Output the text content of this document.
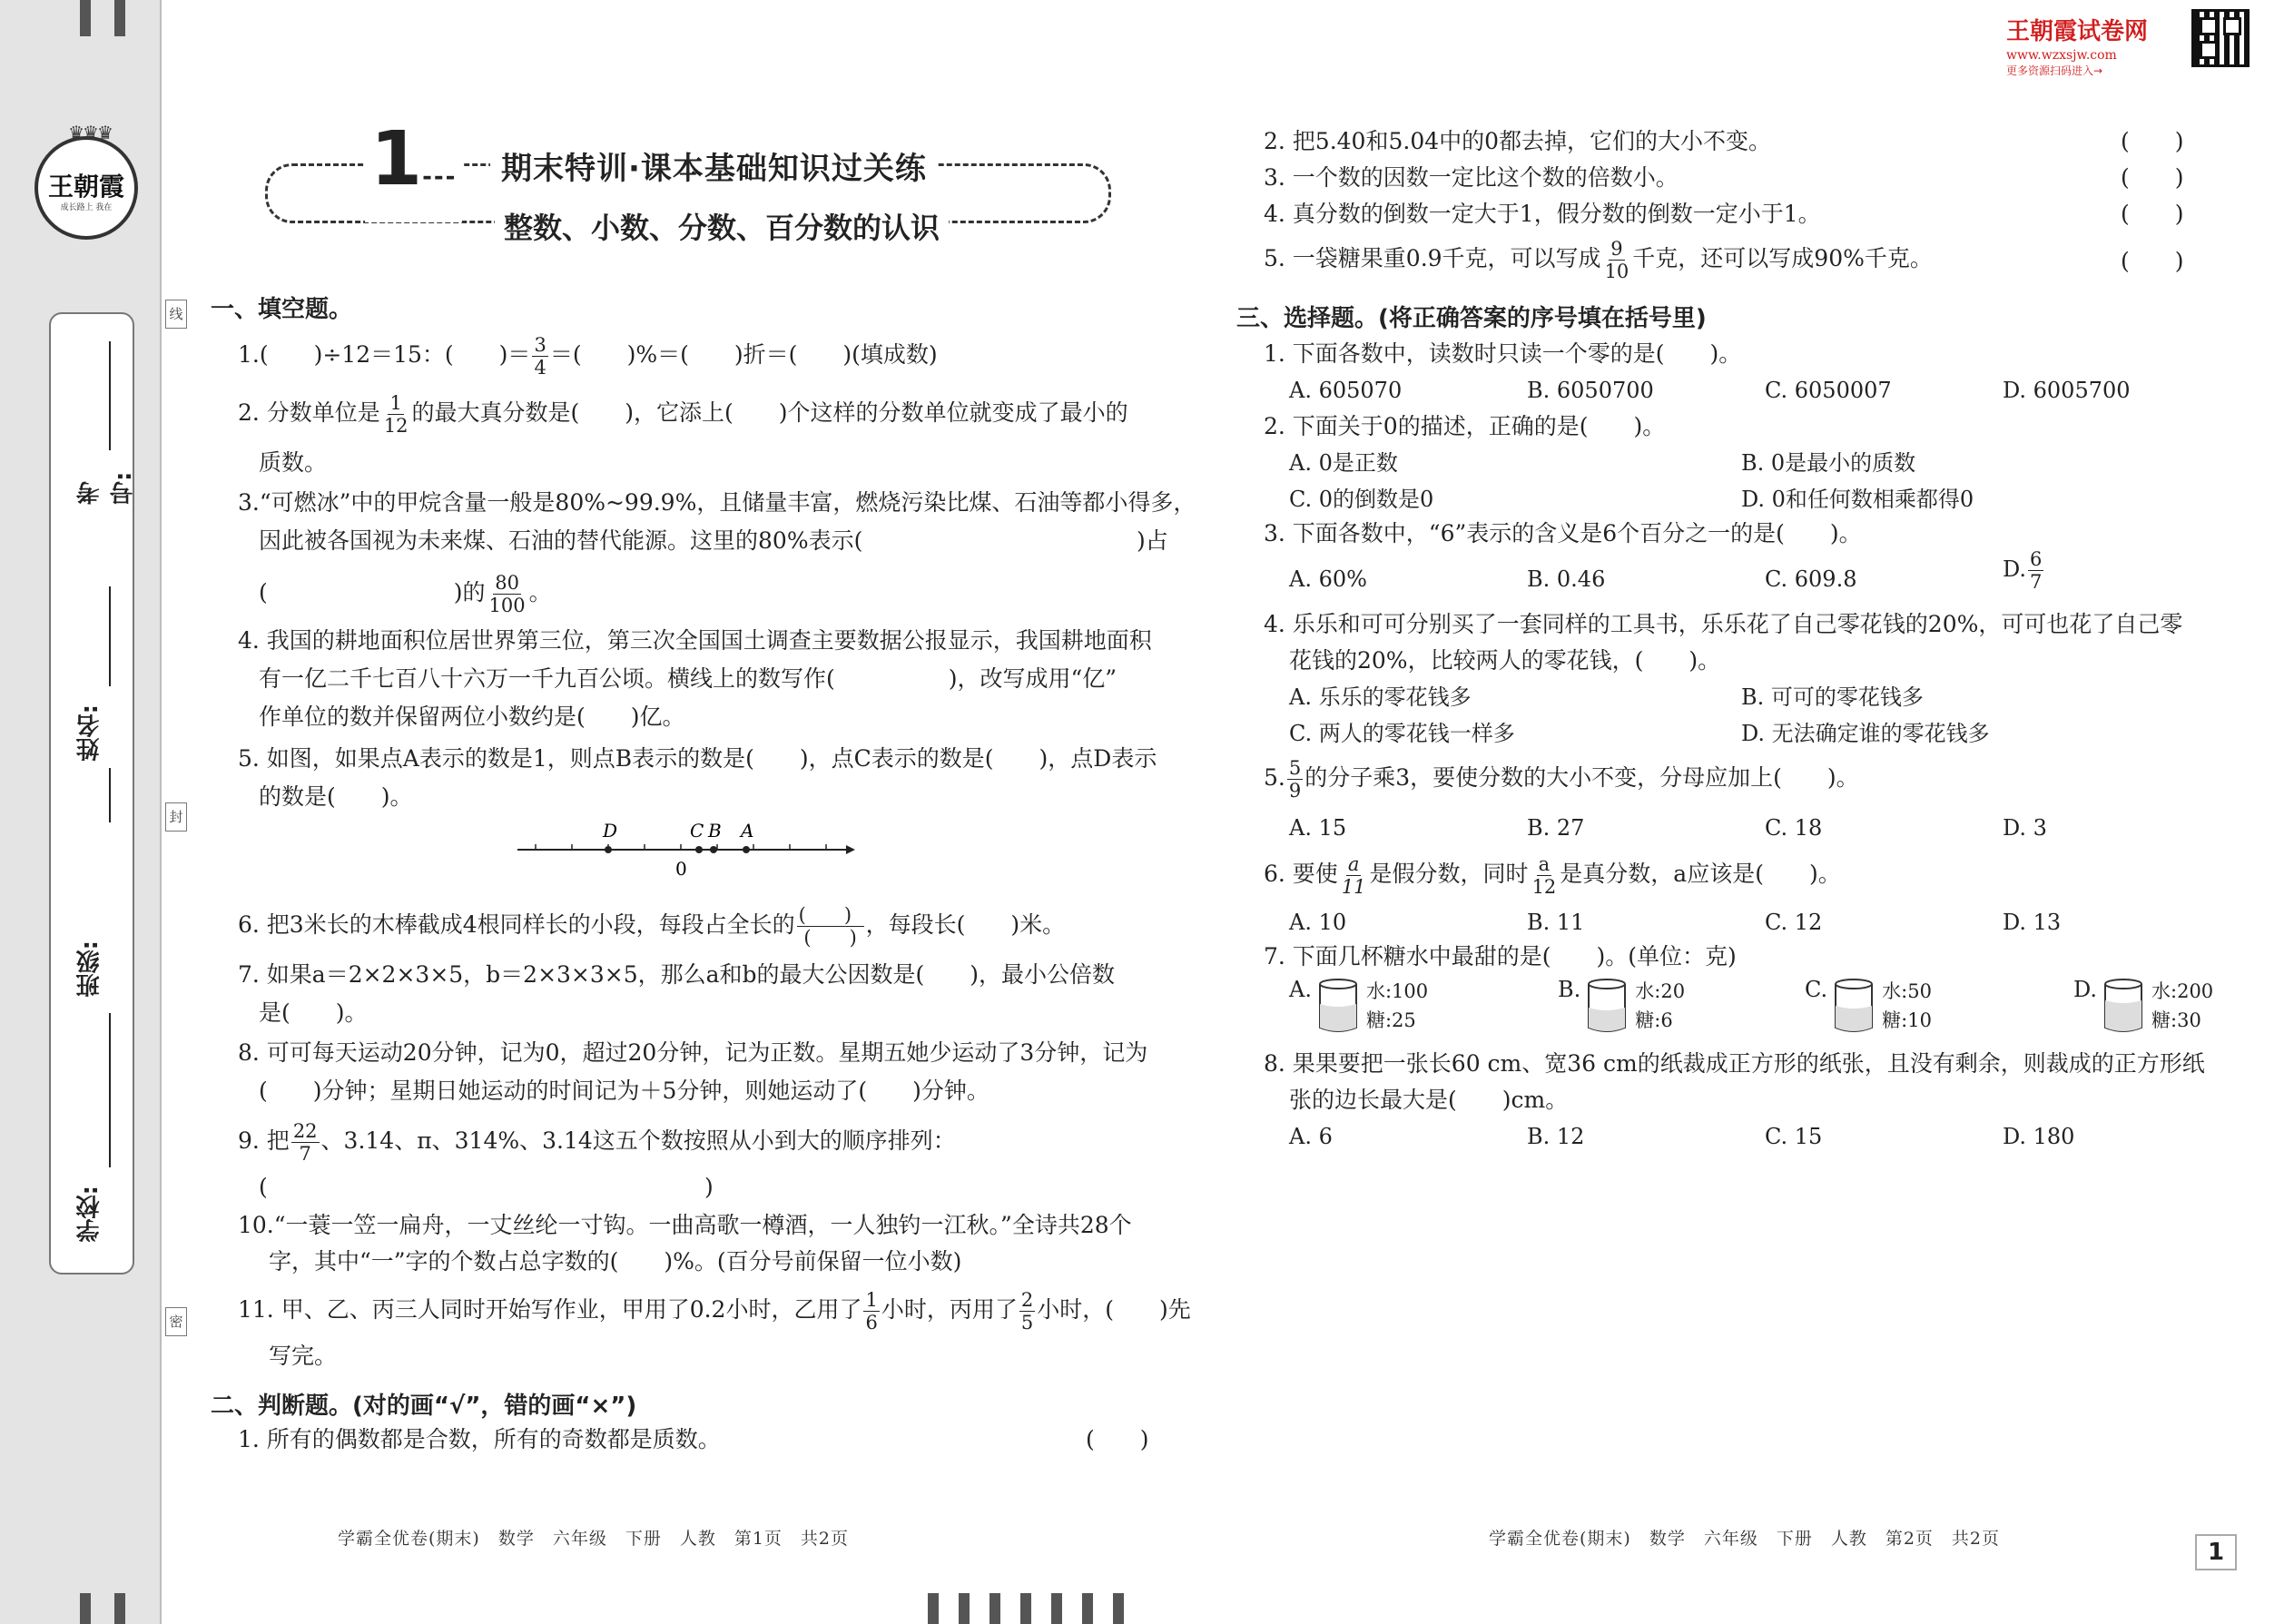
♛♛♛
王朝霞
成长路上 我在
考号:
姓名:
班级:
学校:
线
封
密
1---	期末特训·课本基础知识过关练
整数、小数、分数、百分数的认识
王朝霞试卷网
www.wzxsjw.com
更多资源扫码进入→
一、填空题。
1.(　　)÷12＝15：(　　)＝ $\frac{3}{4}$ ＝(　　)%＝(　　)折＝(　　)(填成数)
2. 分数单位是 $\frac{1}{12}$ 的最大真分数是(　　)，它添上(　　)个这样的分数单位就变成了最小的
质数。
3.“可燃冰”中的甲烷含量一般是80%~99.9%，且储量丰富，燃烧污染比煤、石油等都小得多，
因此被各国视为未来煤、石油的替代能源。这里的80%表示(	)占
(	)的 $\frac{80}{100}$ 。
4. 我国的耕地面积位居世界第三位，第三次全国国土调查主要数据公报显示，我国耕地面积
有一亿二千七百八十六万一千九百公顷。横线上的数写作(　　　　　)，改写成用“亿”
作单位的数并保留两位小数约是(　　)亿。
5. 如图，如果点A表示的数是1，则点B表示的数是(　　)，点C表示的数是(　　)，点D表示
的数是(　　)。
D	C B A
0
6. 把3米长的木棒截成4根同样长的小段，每段占全长的 $\frac{( )}{( )}$ ，每段长(　　)米。
7. 如果a＝2×2×3×5，b＝2×3×3×5，那么a和b的最大公因数是(　　)，最小公倍数
是(　　)。
8. 可可每天运动20分钟，记为0，超过20分钟，记为正数。星期五她少运动了3分钟，记为
(　　)分钟；星期日她运动的时间记为＋5分钟，则她运动了(　　)分钟。
9. 把 $\frac{22}{7}$ 、3.14、π、314%、3.14这五个数按照从小到大的顺序排列：
(	)
10.“一蓑一笠一扁舟，一丈丝纶一寸钩。一曲高歌一樽酒，一人独钓一江秋。”全诗共28个
字，其中“一”字的个数占总字数的(　　)%。(百分号前保留一位小数)
11. 甲、乙、丙三人同时开始写作业，甲用了0.2小时，乙用了 $\frac{1}{6}$ 小时，丙用了 $\frac{2}{5}$ 小时，(　　)先
写完。
二、判断题。(对的画“√”，错的画“×”)
1. 所有的偶数都是合数，所有的奇数都是质数。	(　　)
学霸全优卷(期末)　数学　六年级　下册　人教　第1页　共2页
2. 把5.40和5.04中的0都去掉，它们的大小不变。	(　　)
3. 一个数的因数一定比这个数的倍数小。	(　　)
4. 真分数的倒数一定大于1，假分数的倒数一定小于1。	(　　)
5. 一袋糖果重0.9千克，可以写成 $\frac{9}{10}$ 千克，还可以写成90%千克。	(　　)
三、选择题。(将正确答案的序号填在括号里)
1. 下面各数中，读数时只读一个零的是(　　)。
A. 605070	B. 6050700	C. 6050007	D. 6005700
2. 下面关于0的描述，正确的是(　　)。
A. 0是正数	B. 0是最小的质数
C. 0的倒数是0	D. 0和任何数相乘都得0
3. 下面各数中，“6”表示的含义是6个百分之一的是(　　)。
A. 60%	B. 0.46	C. 609.8	D. $\frac{6}{7}$
4. 乐乐和可可分别买了一套同样的工具书，乐乐花了自己零花钱的20%，可可也花了自己零
花钱的20%，比较两人的零花钱，(　　)。
A. 乐乐的零花钱多	B. 可可的零花钱多
C. 两人的零花钱一样多	D. 无法确定谁的零花钱多
5. $\frac{5}{9}$ 的分子乘3，要使分数的大小不变，分母应加上(　　)。
A. 15	B. 27	C. 18	D. 3
6. 要使 $\frac{a}{11}$ 是假分数，同时 $\frac{a}{12}$ 是真分数，a应该是(　　)。
A. 10	B. 11	C. 12	D. 13
7. 下面几杯糖水中最甜的是(　　)。(单位：克)
A.	水:100
糖:25
B.	水:20
糖:6
C.	水:50
糖:10
D.	水:200
糖:30
8. 果果要把一张长60 cm、宽36 cm的纸裁成正方形的纸张，且没有剩余，则裁成的正方形纸
张的边长最大是(　　)cm。
A. 6	B. 12	C. 15	D. 180
学霸全优卷(期末)　数学　六年级　下册　人教　第2页　共2页	1
